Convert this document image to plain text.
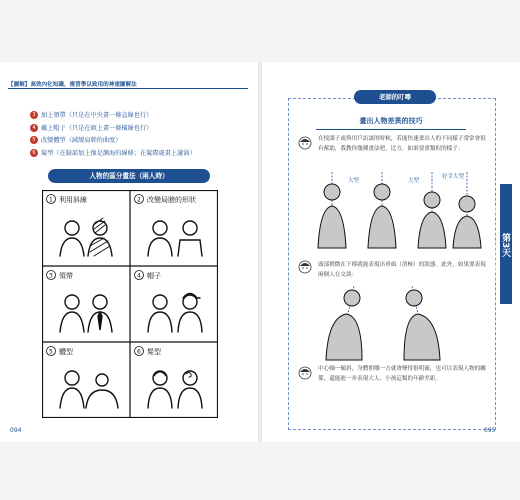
【圖解】高效內化知識，複習學以致用的神速圖解法
3 加上領帶（只是在中央畫一條直線也行）
4 戴上帽子（只是在頭上畫一條橫線也行）
5 改變體型（減緩肩幹的曲度）
6 髮型（在臉部加上像是瀏海的線條；在髮際處畫上漩渦）
人物的區分畫法（兩人時）
1 利用斜線	2 改變局膀的形狀
3 領帶	4 帽子
5 體型	6 髮型
094
老師的叮嚀
畫出人物差異的技巧
在授課子或與用戶訪談的時候，若能快速畫出人的不同樣子常常會很有幫助，我教你幾種畫法吧，比方，如果要畫類似的樣子：
大型	大型
好幸大型
頭部稍微在下移就能表現出垂頭（消極）的狀態。此外，如果要表現兩個人在交談：
中心軸一傾斜，身體朝哪一方就會變得很明確，也可以表現人物的關係，還能進一步表現大人、小孩這類的年齡差距。
第3天
畫出「人物」，而後會提醒自己
095
